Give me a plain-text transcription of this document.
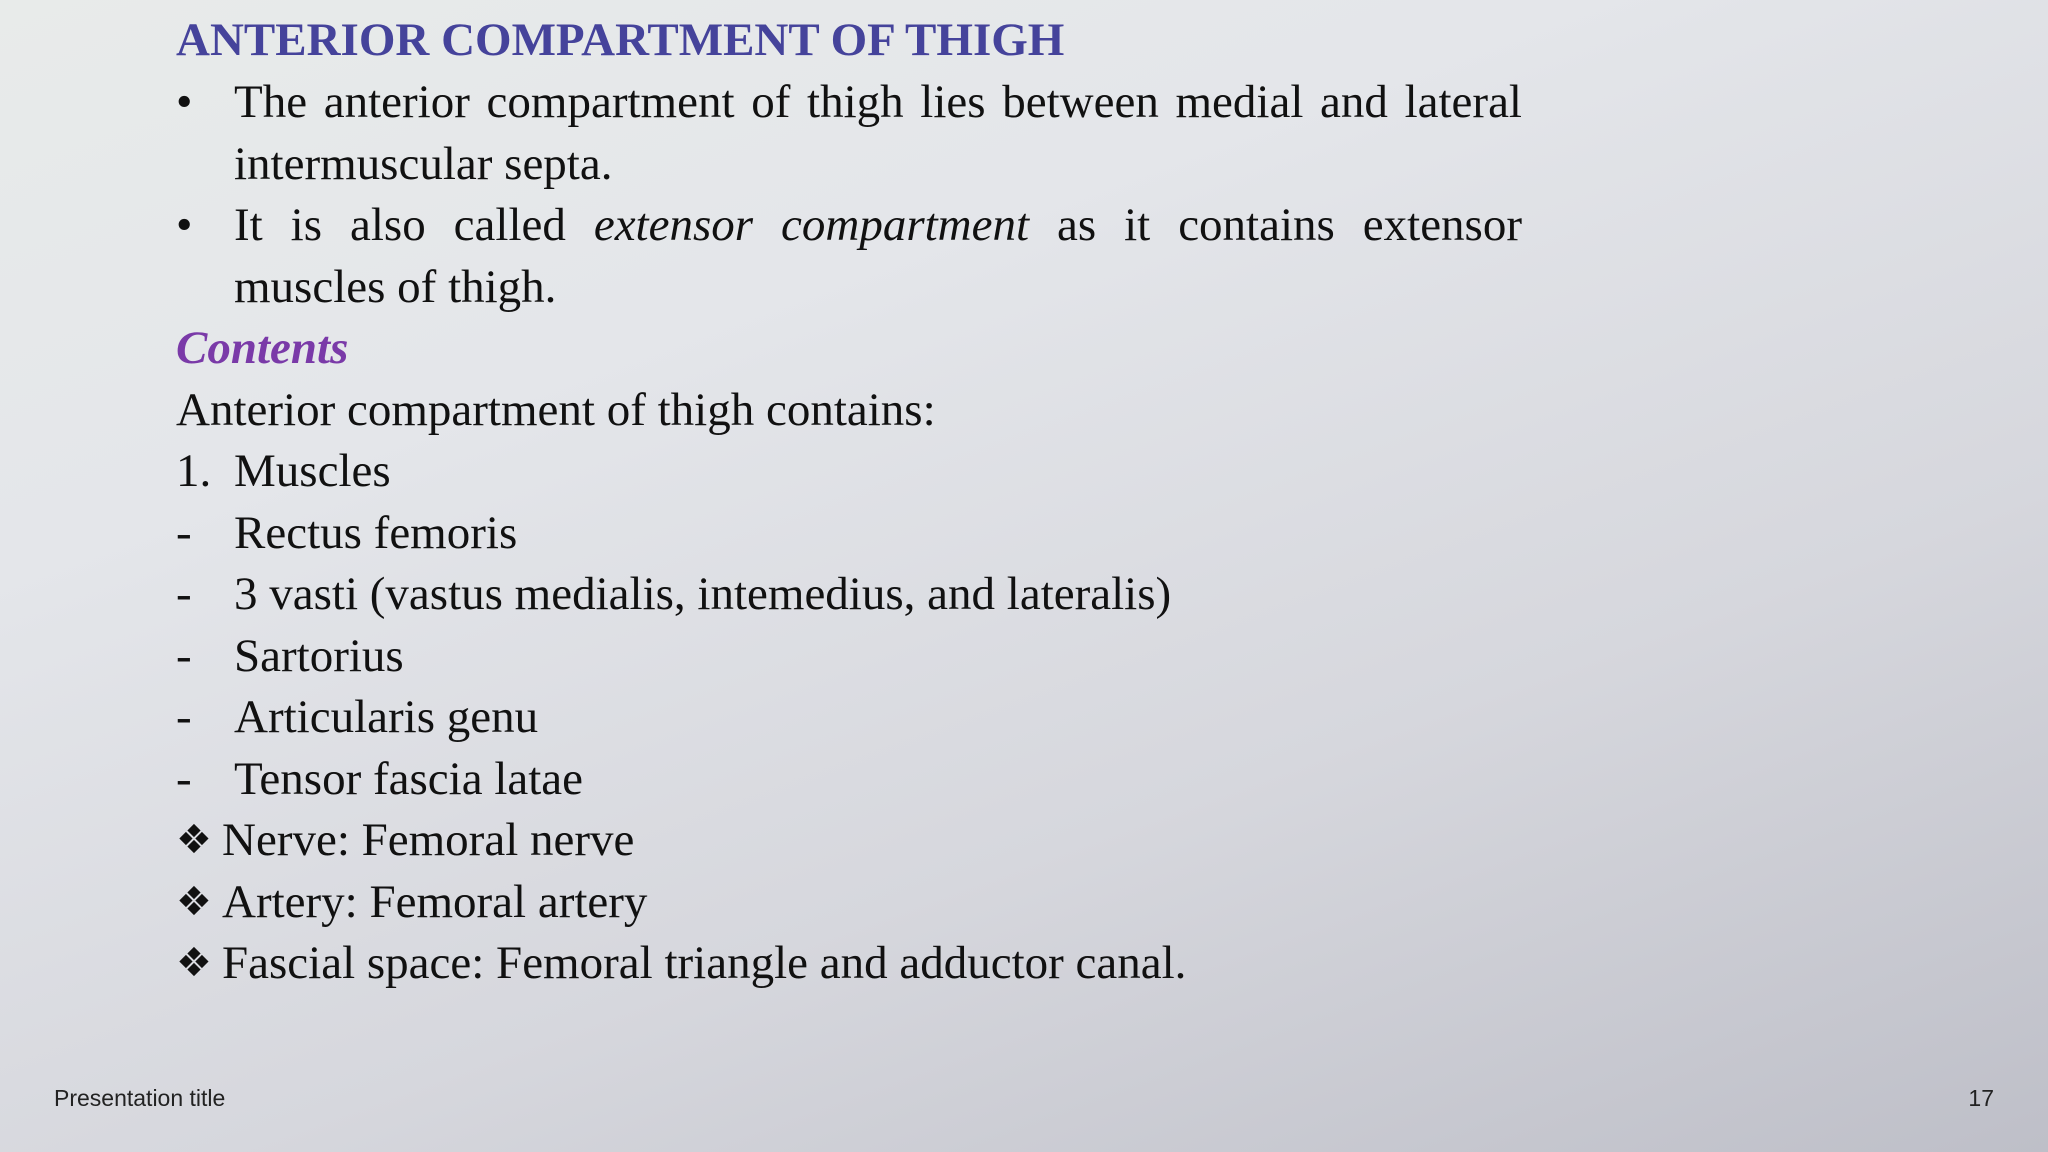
ANTERIOR COMPARTMENT OF THIGH
• The anterior compartment of thigh lies between medial and lateral intermuscular septa.
• It is also called extensor compartment as it contains extensor muscles of thigh.
Contents
Anterior compartment of thigh contains:
1. Muscles
- Rectus femoris
- 3 vasti (vastus medialis, intemedius, and lateralis)
- Sartorius
- Articularis genu
- Tensor fascia latae
❖ Nerve: Femoral nerve
❖ Artery: Femoral artery
❖ Fascial space: Femoral triangle and adductor canal.
Presentation title	17
